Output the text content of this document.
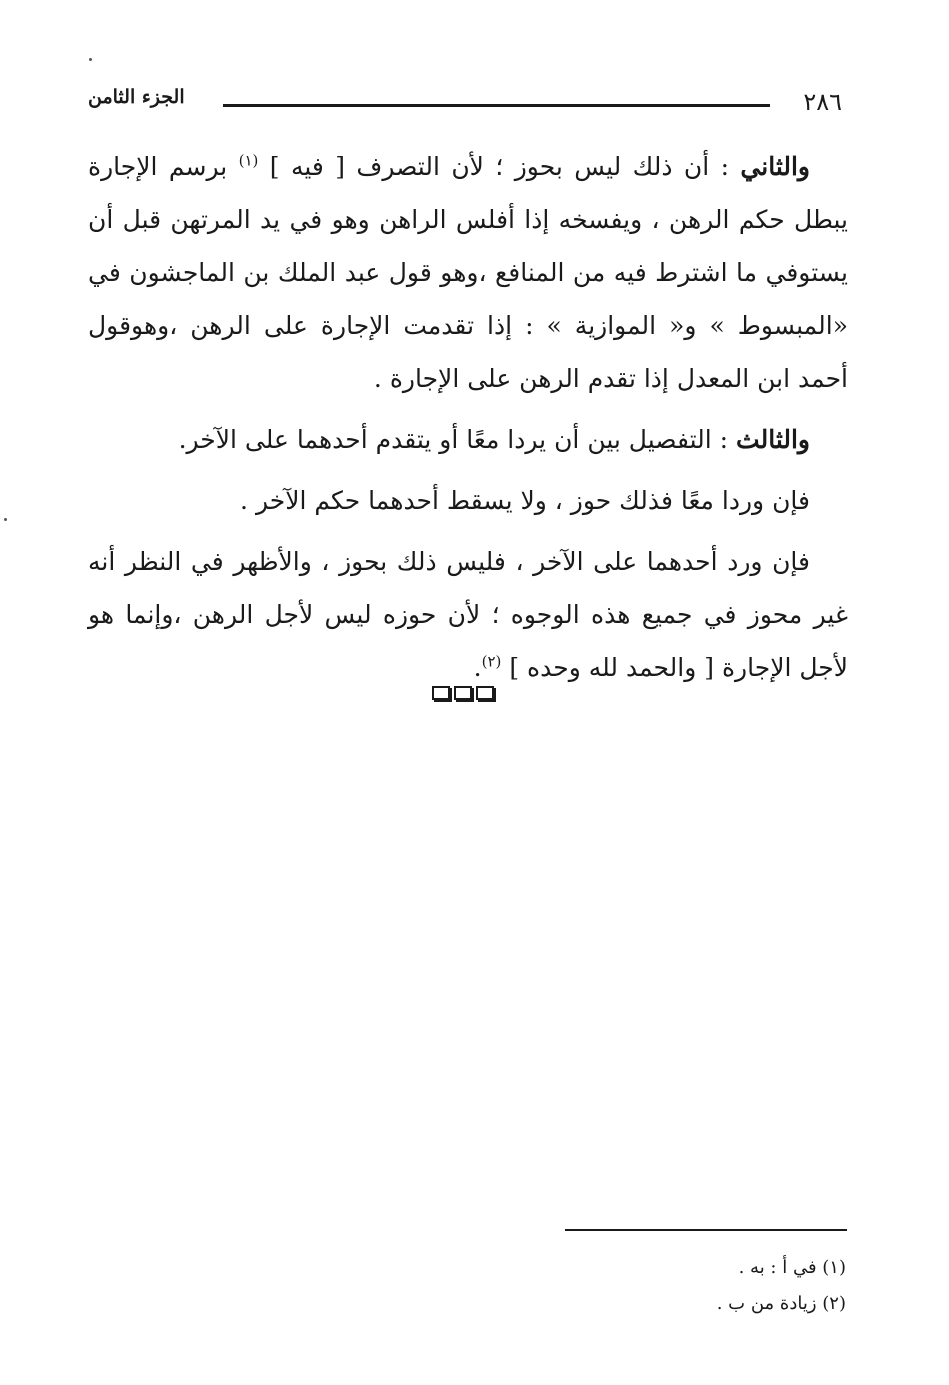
٢٨٦
الجزء الثامن

والثاني : أن ذلك ليس بحوز ؛ لأن التصرف [ فيه ] $^{(١)}$ برسم الإجارة يبطل حكم الرهن ، ويفسخه إذا أفلس الراهن وهو في يد المرتهن قبل أن يستوفي ما اشترط فيه من المنافع ،وهو قول عبد الملك بن الماجشون في «المبسوط » و« الموازية » : إذا تقدمت الإجارة على الرهن ،وهوقول أحمد ابن المعدل إذا تقدم الرهن على الإجارة .

والثالث : التفصيل بين أن يردا معًا أو يتقدم أحدهما على الآخر.

فإن وردا معًا فذلك حوز ، ولا يسقط أحدهما حكم الآخر .

فإن ورد أحدهما على الآخر ، فليس ذلك بحوز ، والأظهر في النظر أنه غير محوز في جميع هذه الوجوه ؛ لأن حوزه ليس لأجل الرهن ،وإنما هو لأجل الإجارة [ والحمد لله وحده ] $^{(٢)}$.

(١) في أ : به .

(٢) زيادة من ب .
